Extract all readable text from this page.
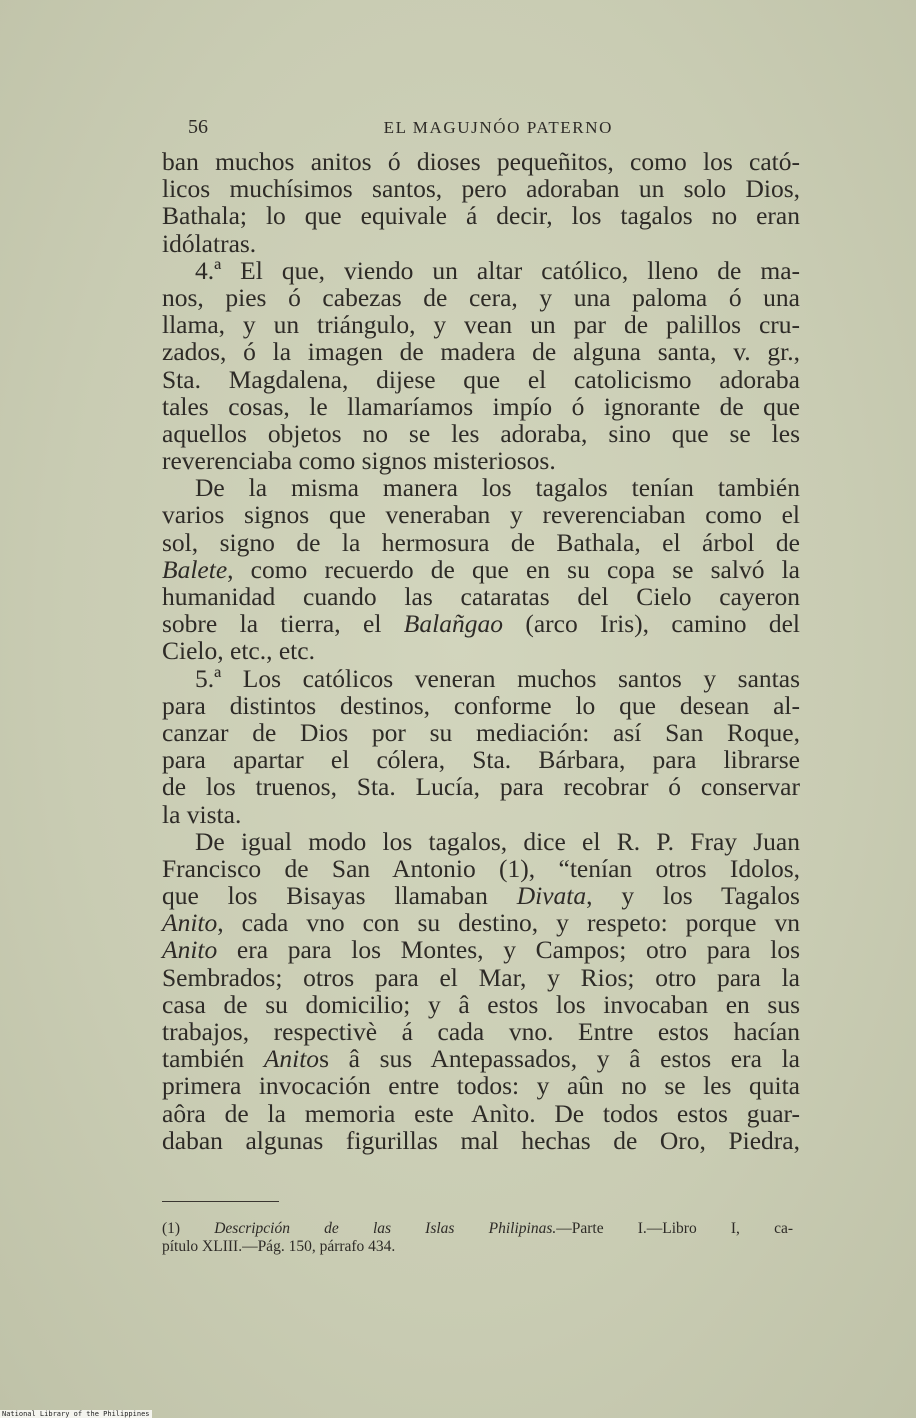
56	EL MAGUJNÓO PATERNO
ban muchos anitos ó dioses pequeñitos, como los cató-
licos muchísimos santos, pero adoraban un solo Dios,
Bathala; lo que equivale á decir, los tagalos no eran
idólatras.
4.ª El que, viendo un altar católico, lleno de ma-
nos, pies ó cabezas de cera, y una paloma ó una
llama, y un triángulo, y vean un par de palillos cru-
zados, ó la imagen de madera de alguna santa, v. gr.,
Sta. Magdalena, dijese que el catolicismo adoraba
tales cosas, le llamaríamos impío ó ignorante de que
aquellos objetos no se les adoraba, sino que se les
reverenciaba como signos misteriosos.
De la misma manera los tagalos tenían también
varios signos que veneraban y reverenciaban como el
sol, signo de la hermosura de Bathala, el árbol de
Balete, como recuerdo de que en su copa se salvó la
humanidad cuando las cataratas del Cielo cayeron
sobre la tierra, el Balañgao (arco Iris), camino del
Cielo, etc., etc.
5.ª Los católicos veneran muchos santos y santas
para distintos destinos, conforme lo que desean al-
canzar de Dios por su mediación: así San Roque,
para apartar el cólera, Sta. Bárbara, para librarse
de los truenos, Sta. Lucía, para recobrar ó conservar
la vista.
De igual modo los tagalos, dice el R. P. Fray Juan
Francisco de San Antonio (1), “tenían otros Idolos,
que los Bisayas llamaban Divata, y los Tagalos
Anito, cada vno con su destino, y respeto: porque vn
Anito era para los Montes, y Campos; otro para los
Sembrados; otros para el Mar, y Rios; otro para la
casa de su domicilio; y â estos los invocaban en sus
trabajos, respectivè á cada vno. Entre estos hacían
también Anitos â sus Antepassados, y â estos era la
primera invocación entre todos: y aûn no se les quita
aôra de la memoria este Anìto. De todos estos guar-
daban algunas figurillas mal hechas de Oro, Piedra,
(1) Descripción de las Islas Philipinas.—Parte I.—Libro I, ca-
pítulo XLIII.—Pág. 150, párrafo 434.
National Library of the Philippines
